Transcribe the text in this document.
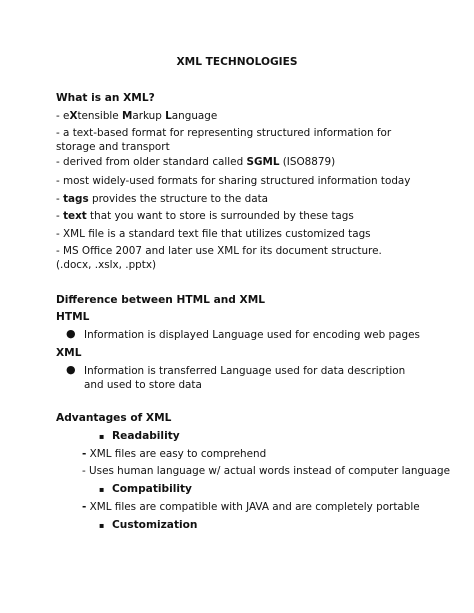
XML TECHNOLOGIES
What is an XML?
- eXtensible Markup Language
- a text-based format for representing structured information for storage and transport
- derived from older standard called SGML (ISO8879)
- most widely-used formats for sharing structured information today
- tags provides the structure to the data
- text that you want to store is surrounded by these tags
- XML file is a standard text file that utilizes customized tags
- MS Office 2007 and later use XML for its document structure. (.docx, .xslx, .pptx)
Difference between HTML and XML
HTML
● Information is displayed Language used for encoding web pages
XML
● Information is transferred Language used for data description and used to store data
Advantages of XML
▪ Readability
- XML files are easy to comprehend
- Uses human language w/ actual words instead of computer language
▪ Compatibility
- XML files are compatible with JAVA and are completely portable
▪ Customization
